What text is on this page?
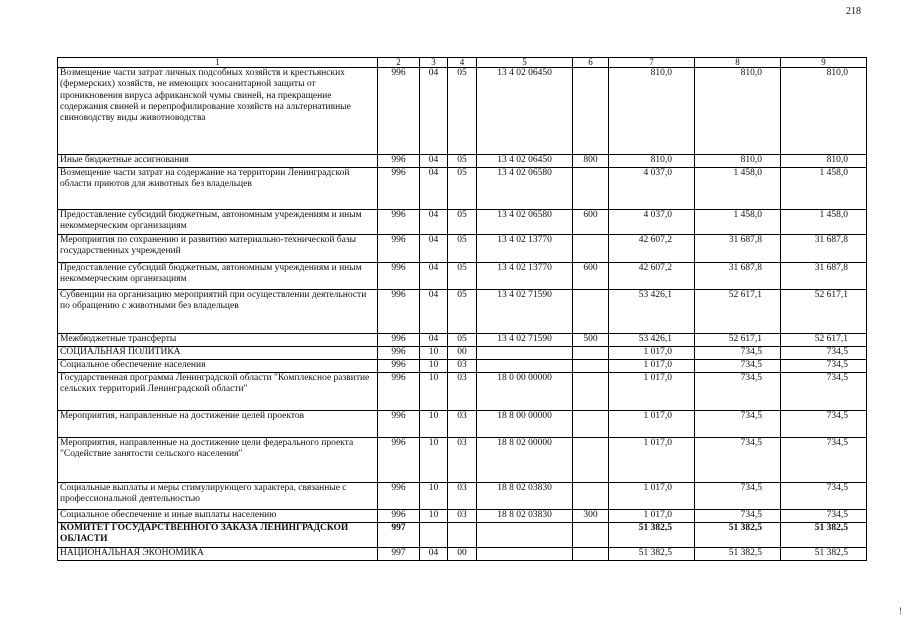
218
1	2	3	4	5	6	7	8	9
Возмещение части затрат личных подсобных хозяйств и крестьянских (фермерских) хозяйств, не имеющих зоосанитарной защиты от проникновения вируса африканской чумы свиней, на прекращение содержания свиней и перепрофилирование хозяйств на альтернативные свиноводству виды животноводства	996	04	05	13 4 02 06450		810,0	810,0	810,0
Иные бюджетные ассигнования	996	04	05	13 4 02 06450	800	810,0	810,0	810,0
Возмещение части затрат на содержание на территории Ленинградской области приютов для животных без владельцев	996	04	05	13 4 02 06580		4 037,0	1 458,0	1 458,0
Предоставление субсидий бюджетным, автономным учреждениям и иным некоммерческим организациям	996	04	05	13 4 02 06580	600	4 037,0	1 458,0	1 458,0
Мероприятия по сохранению и развитию материально-технической базы государственных учреждений	996	04	05	13 4 02 13770		42 607,2	31 687,8	31 687,8
Предоставление субсидий бюджетным, автономным учреждениям и иным некоммерческим организациям	996	04	05	13 4 02 13770	600	42 607,2	31 687,8	31 687,8
Субвенции на организацию мероприятий при осуществлении деятельности по обращению с животными без владельцев	996	04	05	13 4 02 71590		53 426,1	52 617,1	52 617,1
Межбюджетные трансферты	996	04	05	13 4 02 71590	500	53 426,1	52 617,1	52 617,1
СОЦИАЛЬНАЯ ПОЛИТИКА	996	10	00			1 017,0	734,5	734,5
Социальное обеспечение населения	996	10	03			1 017,0	734,5	734,5
Государственная программа Ленинградской области "Комплексное развитие сельских территорий Ленинградской области"	996	10	03	18 0 00 00000		1 017,0	734,5	734,5
Мероприятия, направленные на достижение целей проектов	996	10	03	18 8 00 00000		1 017,0	734,5	734,5
Мероприятия, направленные на достижение цели федерального проекта "Содействие занятости сельского населения"	996	10	03	18 8 02 00000		1 017,0	734,5	734,5
Социальные выплаты и меры стимулирующего характера, связанные с профессиональной деятельностью	996	10	03	18 8 02 03830		1 017,0	734,5	734,5
Социальное обеспечение и иные выплаты населению	996	10	03	18 8 02 03830	300	1 017,0	734,5	734,5
КОМИТЕТ ГОСУДАРСТВЕННОГО ЗАКАЗА ЛЕНИНГРАДСКОЙ ОБЛАСТИ	997					51 382,5	51 382,5	51 382,5
НАЦИОНАЛЬНАЯ ЭКОНОМИКА	997	04	00			51 382,5	51 382,5	51 382,5
!
